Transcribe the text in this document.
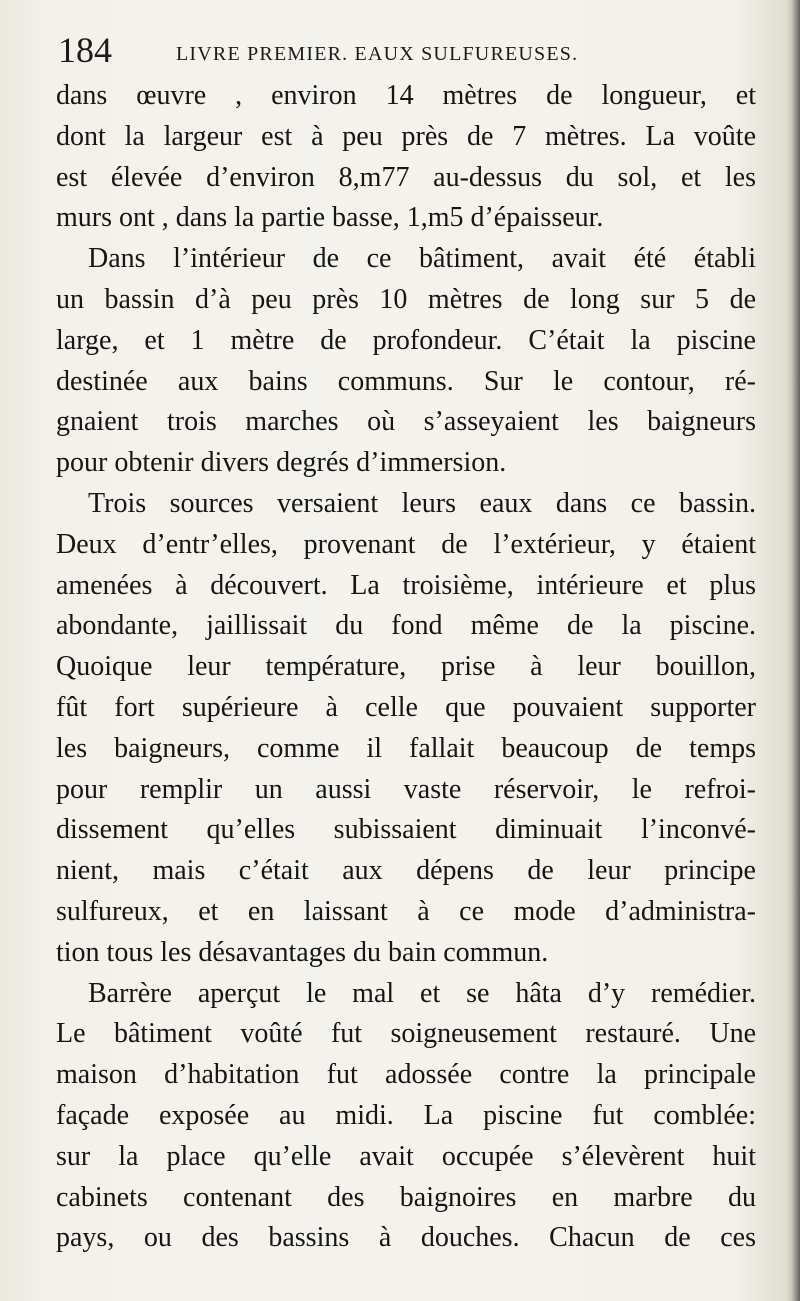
184	LIVRE PREMIER. EAUX SULFUREUSES.
dans œuvre , environ 14 mètres de longueur, et
dont la largeur est à peu près de 7 mètres. La voûte
est élevée d’environ 8,m77 au-dessus du sol, et les
murs ont , dans la partie basse, 1,m5 d’épaisseur.
Dans l’intérieur de ce bâtiment, avait été établi
un bassin d’à peu près 10 mètres de long sur 5 de
large, et 1 mètre de profondeur. C’était la piscine
destinée aux bains communs. Sur le contour, ré-
gnaient trois marches où s’asseyaient les baigneurs
pour obtenir divers degrés d’immersion.
Trois sources versaient leurs eaux dans ce bassin.
Deux d’entr’elles, provenant de l’extérieur, y étaient
amenées à découvert. La troisième, intérieure et plus
abondante, jaillissait du fond même de la piscine.
Quoique leur température, prise à leur bouillon,
fût fort supérieure à celle que pouvaient supporter
les baigneurs, comme il fallait beaucoup de temps
pour remplir un aussi vaste réservoir, le refroi-
dissement qu’elles subissaient diminuait l’inconvé-
nient, mais c’était aux dépens de leur principe
sulfureux, et en laissant à ce mode d’administra-
tion tous les désavantages du bain commun.
Barrère aperçut le mal et se hâta d’y remédier.
Le bâtiment voûté fut soigneusement restauré. Une
maison d’habitation fut adossée contre la principale
façade exposée au midi. La piscine fut comblée:
sur la place qu’elle avait occupée s’élevèrent huit
cabinets contenant des baignoires en marbre du
pays, ou des bassins à douches. Chacun de ces
